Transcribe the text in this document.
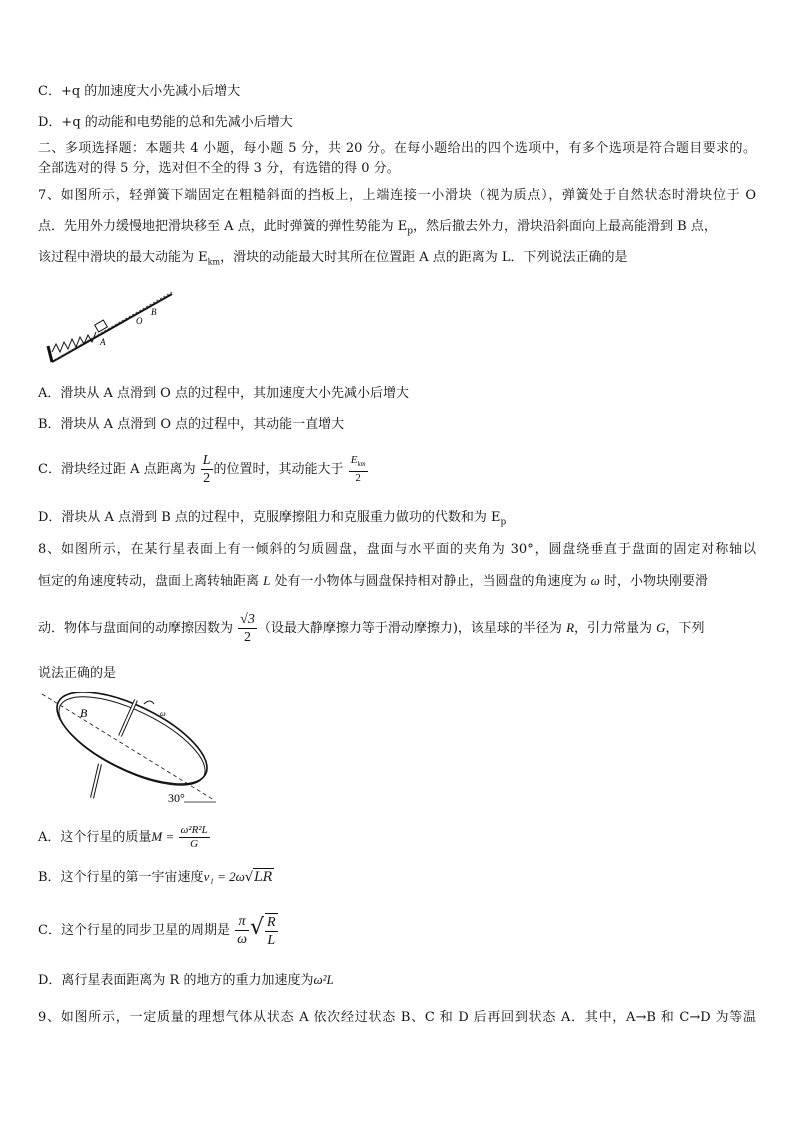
C．+q 的加速度大小先减小后增大
D．+q 的动能和电势能的总和先减小后增大
二、多项选择题：本题共 4 小题，每小题 5 分，共 20 分。在每小题给出的四个选项中，有多个选项是符合题目要求的。
全部选对的得 5 分，选对但不全的得 3 分，有选错的得 0 分。
7、如图所示，轻弹簧下端固定在粗糙斜面的挡板上，上端连接一小滑块（视为质点），弹簧处于自然状态时滑块位于 O
点．先用外力缓慢地把滑块移至 A 点，此时弹簧的弹性势能为 $E_p$，然后撤去外力，滑块沿斜面向上最高能滑到 B 点，
该过程中滑块的最大动能为 $E_{km}$，滑块的动能最大时其所在位置距 A 点的距离为 L．下列说法正确的是
A
O
B
A．滑块从 A 点滑到 O 点的过程中，其加速度大小先减小后增大
B．滑块从 A 点滑到 O 点的过程中，其动能一直增大
C．滑块经过距 A 点距离为 $\frac{L}{2}$ 的位置时，其动能大于 $\frac{E_{km}}{2}$
D．滑块从 A 点滑到 B 点的过程中，克服摩擦阻力和克服重力做功的代数和为 $E_p$
8、如图所示，在某行星表面上有一倾斜的匀质圆盘，盘面与水平面的夹角为 30°，圆盘绕垂直于盘面的固定对称轴以
恒定的角速度转动，盘面上离转轴距离 L 处有一小物体与圆盘保持相对静止，当圆盘的角速度为 ω 时，小物块刚要滑
动．物体与盘面间的动摩擦因数为 $\frac{√3}{2}$ （设最大静摩擦力等于滑动摩擦力)，该星球的半径为 R，引力常量为 G，下列
说法正确的是
ω
B
30°
A．这个行星的质量$M = \frac{\text{ω²R²L}}{G}$
B．这个行星的第一宇宙速度v₁ = 2ω√LR
C．这个行星的同步卫星的周期是 $\frac{\pi}{\omega}$ √ $\frac{R}{L}$
D．离行星表面距离为 R 的地方的重力加速度为ω²L
9、如图所示，一定质量的理想气体从状态 A 依次经过状态 B、C 和 D 后再回到状态 A．其中，A→B 和 C→D 为等温
